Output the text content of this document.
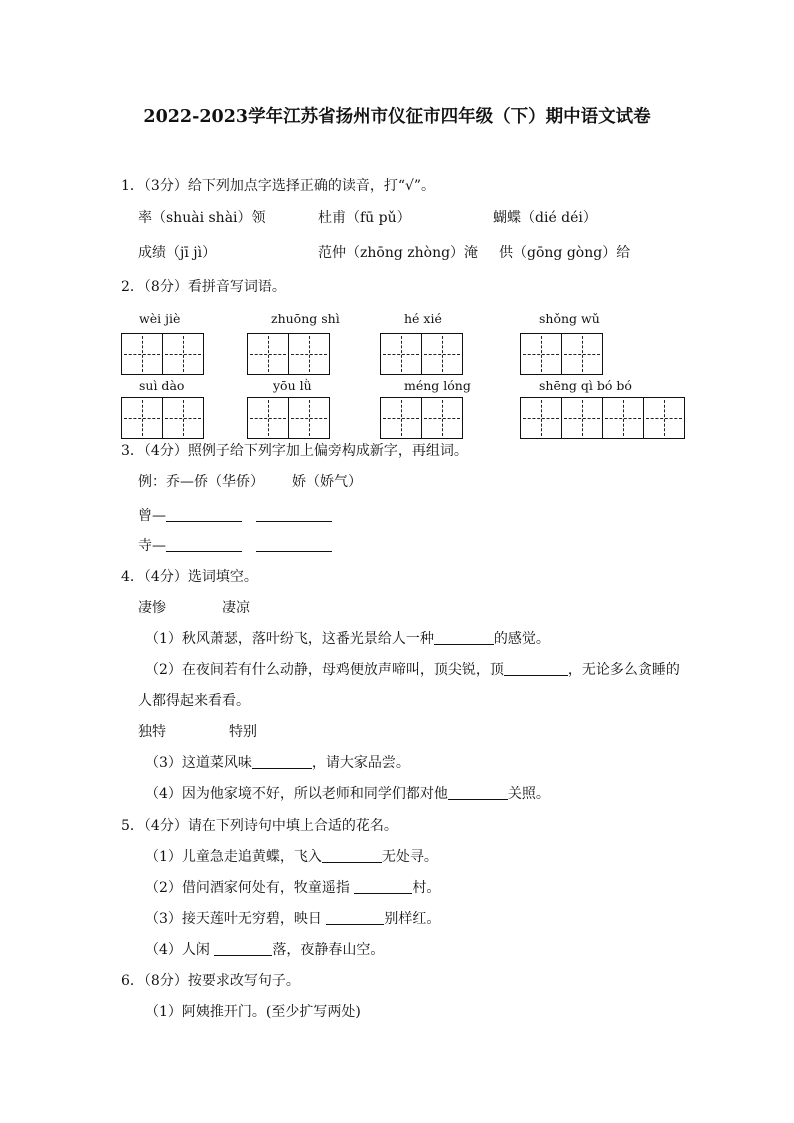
2022-2023学年江苏省扬州市仪征市四年级（下）期中语文试卷
1．（3分）给下列加点字选择正确的读音，打“√”。
率（shuài shài）领	杜甫（fū pǔ）	蝴蝶（dié déi）
成绩（jī jì）	范仲（zhōng zhòng）淹 供（gōng gòng）给
2．（8分）看拼音写词语。
wèi jiè	zhuōng shì	hé xié	shǒng wǔ
suì dào	yōu lǜ	méng lóng	shēng qì bó bó
3．（4分）照例子给下列字加上偏旁构成新字，再组词。
例：乔—侨（华侨） 娇（娇气）
曾—
寺—
4．（4分）选词填空。
凄惨	凄凉
（1）秋风萧瑟，落叶纷飞，这番光景给人一种	的感觉。
（2）在夜间若有什么动静，母鸡便放声啼叫，顶尖锐，顶	，无论多么贪睡的
人都得起来看看。
独特	特别
（3）这道菜风味	，请大家品尝。
（4）因为他家境不好，所以老师和同学们都对他	关照。
5．（4分）请在下列诗句中填上合适的花名。
（1）儿童急走追黄蝶，飞入	无处寻。
（2）借问酒家何处有，牧童遥指	村。
（3）接天莲叶无穷碧，映日	别样红。
（4）人闲	落，夜静春山空。
6．（8分）按要求改写句子。
（1）阿姨推开门。(至少扩写两处)
